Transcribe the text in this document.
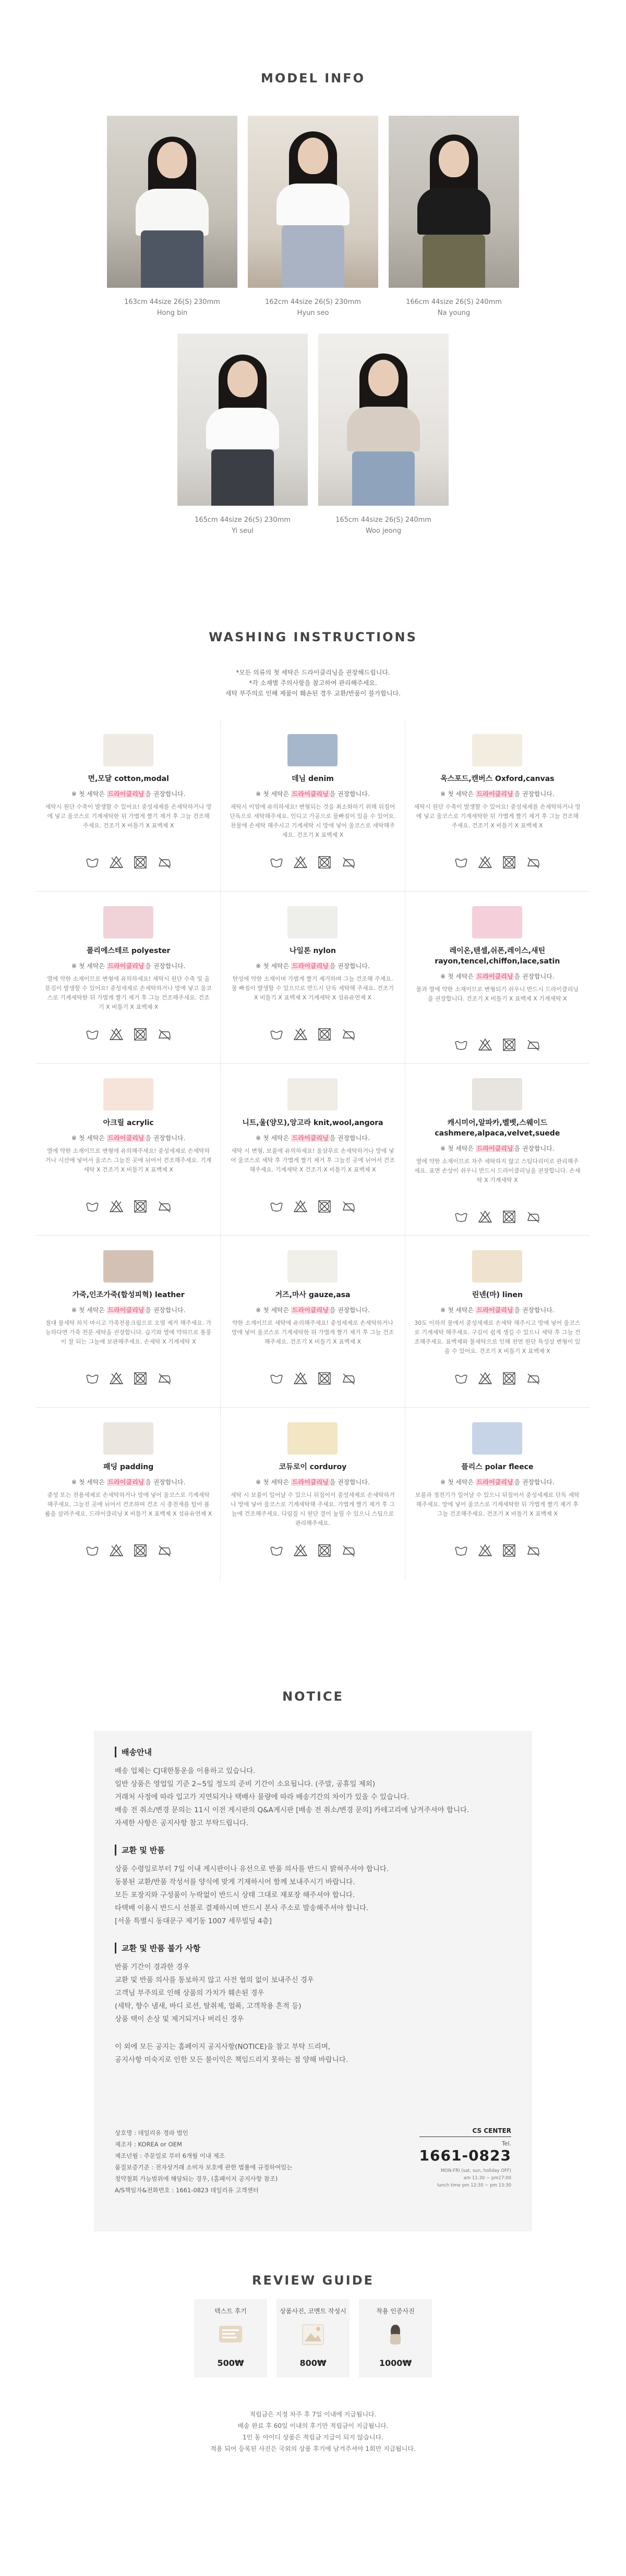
MODEL INFO

163cm 44size 26(S) 230mm

Hong bin

162cm 44size 26(S) 230mm

Hyun seo

166cm 44size 26(S) 240mm

Na young

165cm 44size 26(S) 230mm

Yi seul

165cm 44size 26(S) 240mm

Woo jeong

WASHING INSTRUCTIONS

*모든 의류의 첫 세탁은 드라이클리닝을 권장해드립니다.

*각 소재별 주의사항을 참고하여 관리해주세요.

세탁 부주의로 인해 제품이 훼손된 경우 교환/반품이 불가합니다.

면,모달 cotton,modal

※ 첫 세탁은 드라이클리닝 을 권장합니다.

세탁시 원단 수축이 발생할 수 있어요! 중성세제를 손세탁하거나 망에 넣고 울코스로 기계세탁한 뒤 가볍게 짤기 제거 후 그늘 건조해주세요. 건조기 X 비틀기 X 표백제 X

데님 denim

※ 첫 세탁은 드라이클리닝 을 권장합니다.

세탁시 이염에 유의하세요! 변형되는 것을 최소화하기 위해 뒤집어 단독으로 세탁해주세요. 인디고 가공으로 물빠짐이 있을 수 있어요. 찬물에 손세탁 해주시고 기계세탁 시 망에 넣어 울코스로 세탁해주세요. 건조기 X 표백제 X

옥스포드,캔버스 Oxford,canvas

※ 첫 세탁은 드라이클리닝 을 권장합니다.

세탁시 원단 수축이 발생할 수 있어요! 중성세제를 손세탁하거나 망에 넣고 울코스로 기계세탁한 뒤 가볍게 짤기 제거 후 그늘 건조해주세요. 건조기 X 비틀기 X 표백제 X

폴리에스테르 polyester

※ 첫 세탁은 드라이클리닝 을 권장합니다.

열에 약한 소재이므로 변형에 유의하세요! 세탁시 원단 수축 및 올뜯김이 발생할 수 있어요! 중성세제로 손세탁하거나 망에 넣고 울코스로 기계세탁한 뒤 가볍게 짤기 제거 후 그늘 건조해주세요. 건조기 X 비틀기 X 표백제 X

나일론 nylon

※ 첫 세탁은 드라이클리닝 을 권장합니다.

탄성에 약한 소재이며 가볍게 짤기 제거하며 그늘 건조해 주세요. 물 빠짐이 발생할 수 있으므로 반드시 단독 세탁해 주세요. 건조기 X 비틀기 X 표백제 X 기계세탁 X 섬유유연제 X

레이온,텐셀,쉬폰,레이스,새틴 rayon,tencel,chiffon,lace,satin

※ 첫 세탁은 드라이클리닝 을 권장합니다.

물과 열에 약한 소재이므로 변형되기 쉬우니 반드시 드라이클리닝을 권장합니다. 건조기 X 비틀기 X 표백제 X 기계세탁 X

아크릴 acrylic

※ 첫 세탁은 드라이클리닝 을 권장합니다.

열에 약한 소재이므로 변형에 유의해주세요! 중성세제로 손세탁하거나 시산에 넣어서 울코스 그늘진 곳에 뉘어서 건조해주세요. 기계세탁 X 건조기 X 비틀기 X 표백제 X

니트,울(양모),앙고라 knit,wool,angora

※ 첫 세탁은 드라이클리닝 을 권장합니다.

세탁 시 변형, 보풀에 유의하세요! 울샴푸로 손세탁하거나 망에 넣어 울코스로 세탁 후 가볍게 짤기 제거 후 그늘진 곳에 뉘어서 건조해주세요. 기계세탁 X 건조기 X 비틀기 X 표백제 X

캐시미어,알파카,벨벳,스웨이드 cashmere,alpaca,velvet,suede

※ 첫 세탁은 드라이클리닝 을 권장합니다.

열에 약한 소재이므로 자주 세탁하지 않고 스팀다리미로 관리해주세요. 표면 손상이 쉬우니 반드시 드라이클리닝을 권장합니다. 손세탁 X 기계세탁 X

가죽,인조가죽(합성피혁) leather

※ 첫 세탁은 드라이클리닝 을 권장합니다.

절대 물세탁 하지 마시고 가죽전용크림으로 오염 제거 해주세요. 가능하다면 가죽 전문 세탁을 권장합니다. 습기와 열에 약하므로 통풍이 잘 되는 그늘에 보관해주세요. 손세탁 X 기계세탁 X

거즈,마사 gauze,asa

※ 첫 세탁은 드라이클리닝 을 권장합니다.

약한 소재이므로 세탁에 유의해주세요! 중성세제로 손세탁하거나 망에 넣어 울코스로 기계세탁한 뒤 가볍게 짤기 제거 후 그늘 건조해주세요. 건조기 X 비틀기 X 표백제 X

린넨(마) linen

※ 첫 세탁은 드라이클리닝 을 권장합니다.

30도 이하의 물에서 중성세제로 손세탁 해주시고 망에 넣어 울코스로 기계세탁 해주세요. 구김이 쉽게 생길 수 있으니 세탁 후 그늘 건조해주세요. 표백제와 물세탁으로 인해 천연 원단 특성상 변형이 있을 수 있어요. 건조기 X 비틀기 X 표백제 X

패딩 padding

※ 첫 세탁은 드라이클리닝 을 권장합니다.

중성 또는 전용세제로 손세탁하거나 망에 넣어 울코스로 기계세탁 해주세요. 그늘진 곳에 뉘어서 건조하며 건조 시 충전재를 털어 볼륨을 살려주세요. 드라이클리닝 X 비틀기 X 표백제 X 섬유유연제 X

코듀로이 corduroy

※ 첫 세탁은 드라이클리닝 을 권장합니다.

세탁 시 보풀이 일어날 수 있으니 뒤집어서 중성세제로 손세탁하거나 망에 넣어 울코스로 기계세탁해 주세요. 가볍게 짤기 제거 후 그늘에 건조해주세요. 다림질 시 원단 결이 눌릴 수 있으니 스팀으로 관리해주세요.

플리스 polar fleece

※ 첫 세탁은 드라이클리닝 을 권장합니다.

보풀과 정전기가 일어날 수 있으니 뒤집어서 중성세제로 단독 세탁해주세요. 망에 넣어 울코스로 기계세탁한 뒤 가볍게 짤기 제거 후 그늘 건조해주세요. 건조기 X 비틀기 X 표백제 X

NOTICE

배송안내

배송 업체는 CJ대한통운을 이용하고 있습니다.

일반 상품은 영업일 기준 2~5일 정도의 준비 기간이 소요됩니다. (주말, 공휴일 제외)

거래처 사정에 따라 입고가 지연되거나 택배사 물량에 따라 배송기간의 차이가 있을 수 있습니다.

배송 전 취소/변경 문의는 11시 이전 게시판의 Q&A게시판 [배송 전 취소/변경 문의] 카테고리에 남겨주셔야 합니다.

자세한 사항은 공지사항 참고 부탁드립니다.

교환 및 반품

상품 수령일로부터 7일 이내 게시판이나 유선으로 반품 의사를 반드시 밝혀주셔야 합니다.

동봉된 교환/반품 작성서를 양식에 맞게 기재하시어 함께 보내주시기 바랍니다.

모든 포장지와 구성품이 누락없이 반드시 상태 그대로 재포장 해주셔야 합니다.

타택배 이용시 반드시 선불로 결제하시며 반드시 본사 주소로 발송해주셔야 합니다.

[서울 특별시 동대문구 제기동 1007 세무빌딩 4층]

교환 및 반품 불가 사항

반품 기간이 경과한 경우

교환 및 반품 의사를 통보하지 않고 사전 협의 없이 보내주신 경우

고객님 부주의로 인해 상품의 가치가 훼손된 경우

(세탁, 향수 냄새, 바디 로션, 탈취제, 얼룩, 고객착용 흔적 등)

상품 택이 손상 및 제거되거나 버리신 경우

이 외에 모든 공지는 홈페이지 공지사항(NOTICE)을 참고 부탁 드리며,

공지사항 미숙지로 인한 모든 불이익은 책임드리지 못하는 점 양해 바랍니다.

상호명 : 데일리유 정라 법인

제조자 : KOREA or OEM

제조년월 : 주문일로 부터 6개월 이내 제조

품질보증기준 : 전자상거래 소비자 보호에 관한 법률에 규정하여있는

정약철회 가능범위에 해당되는 경우, (홈페이지 공지사항 참조)

A/S책임자&전화번호 : 1661-0823 데일리유 고객센터

CS CENTER

Tel.

1661-0823

MON-FRI (sat, sun, holiday OFF)

am 11:30 ~ pm17:00

lunch time pm 12:30 ~ pm 13:30

REVIEW GUIDE

텍스트 후기

500₩

상품사진, 코멘트 작성시

800₩

착용 인증사진

1000₩

적립금은 지정 차주 후 7일 이내에 지급됩니다.

배송 완료 후 60일 이내의 후기만 적립금이 지급됩니다.

1인 동 아이디 상품은 적립금 지급이 되지 않습니다.

적용 되어 등록된 사진은 국외의 상품 후기에 남겨주셔야 1회만 지급됩니다.
